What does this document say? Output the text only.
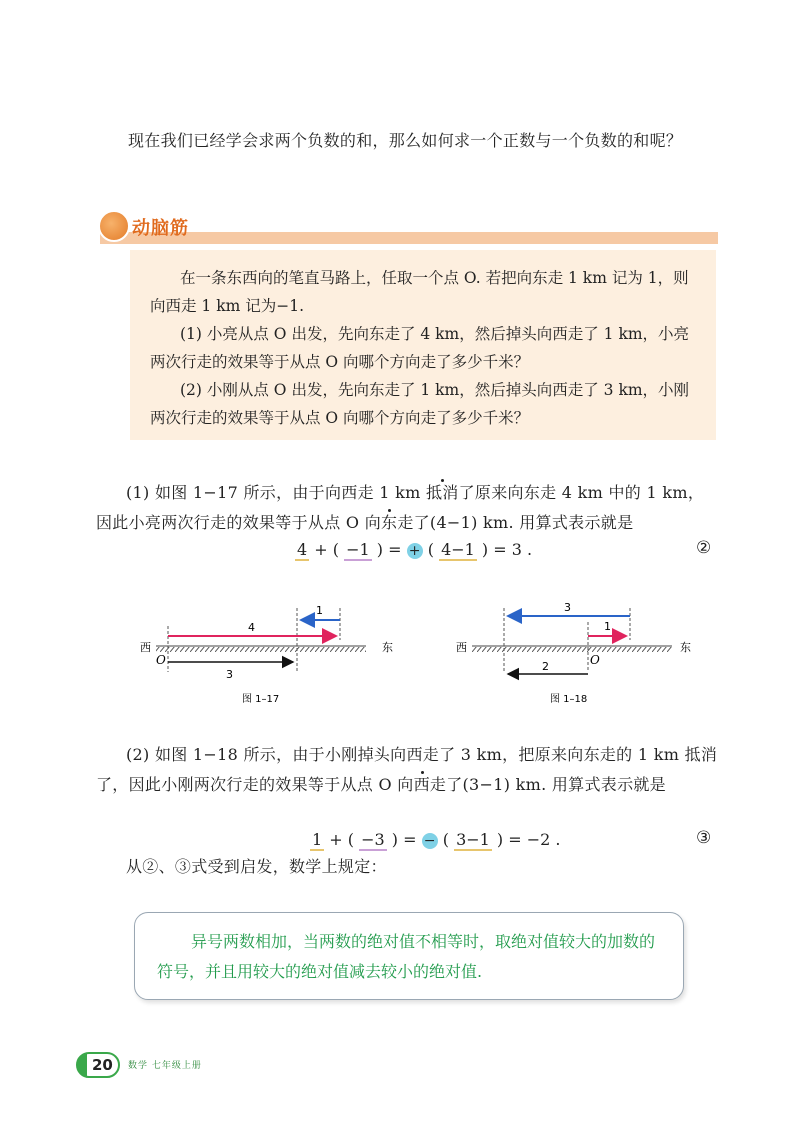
现在我们已经学会求两个负数的和，那么如何求一个正数与一个负数的和呢？
动脑筋

在一条东西向的笔直马路上，任取一个点 O. 若把向东走 1 km 记为 1，则向西走 1 km 记为−1.

(1) 小亮从点 O 出发，先向东走了 4 km，然后掉头向西走了 1 km，小亮两次行走的效果等于从点 O 向哪个方向走了多少千米？

(2) 小刚从点 O 出发，先向东走了 1 km，然后掉头向西走了 3 km，小刚两次行走的效果等于从点 O 向哪个方向走了多少千米？

(1) 如图 1−17 所示，由于向西走 1 km 抵消了原来向东走 4 km 中的 1 km，因此小亮两次行走的效果等于从点 O 向东走了(4−1) km. 用算式表示就是
4 + ( −1 ) = + ( 4−1 ) = 3 .	②
西	东
4
1
O
3
图 1–17
西	东
1
3
O
2
图 1–18
(2) 如图 1−18 所示，由于小刚掉头向西走了 3 km，把原来向东走的 1 km 抵消了，因此小刚两次行走的效果等于从点 O 向西走了(3−1) km. 用算式表示就是
1 + ( −3 ) = − ( 3−1 ) = −2 .	③
从②、③式受到启发，数学上规定：

异号两数相加，当两数的绝对值不相等时，取绝对值较大的加数的符号，并且用较大的绝对值减去较小的绝对值.

20 数学 七年级上册
